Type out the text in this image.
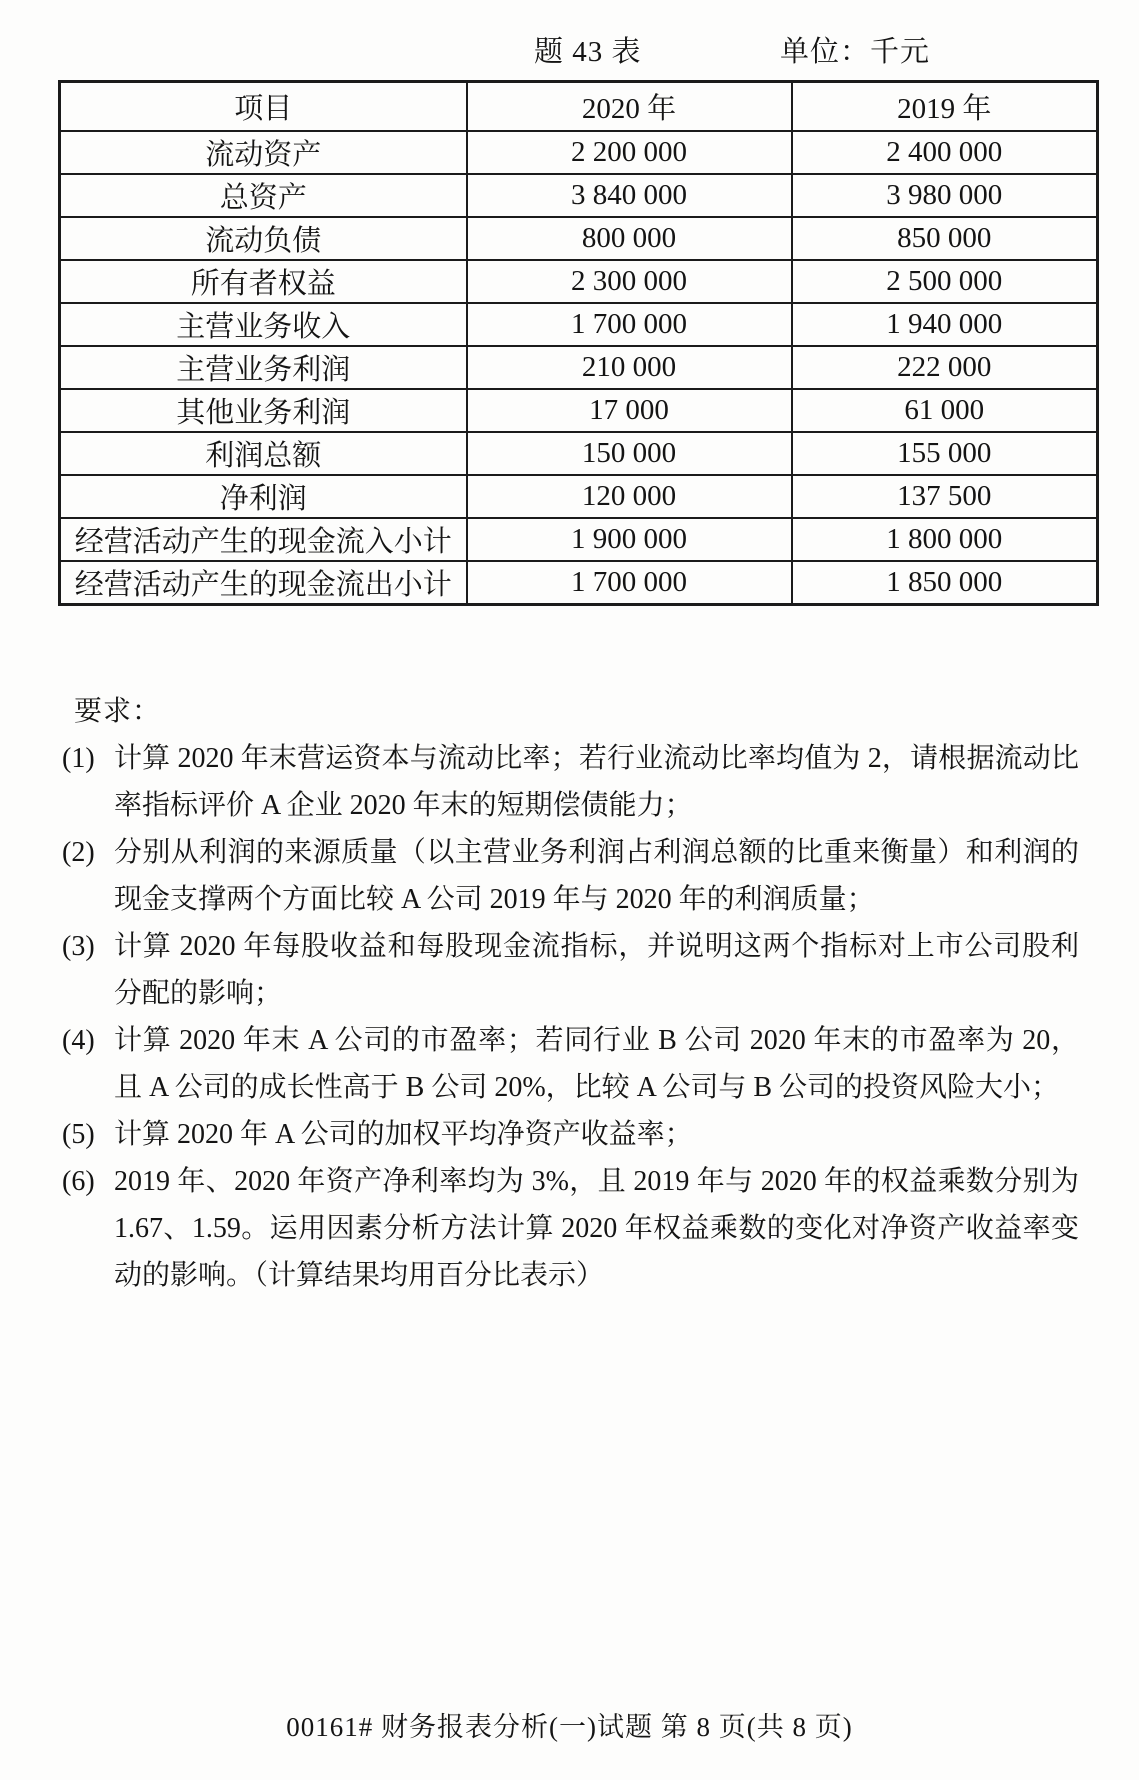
题 43 表	单位：千元
项目	2020 年	2019 年
流动资产	2 200 000	2 400 000
总资产	3 840 000	3 980 000
流动负债	800 000	850 000
所有者权益	2 300 000	2 500 000
主营业务收入	1 700 000	1 940 000
主营业务利润	210 000	222 000
其他业务利润	17 000	61 000
利润总额	150 000	155 000
净利润	120 000	137 500
经营活动产生的现金流入小计	1 900 000	1 800 000
经营活动产生的现金流出小计	1 700 000	1 850 000
要求：
(1) 计算 2020 年末营运资本与流动比率；若行业流动比率均值为 2，请根据流动比率指标评价 A 企业 2020 年末的短期偿债能力；
(2) 分别从利润的来源质量（以主营业务利润占利润总额的比重来衡量）和利润的现金支撑两个方面比较 A 公司 2019 年与 2020 年的利润质量；
(3) 计算 2020 年每股收益和每股现金流指标，并说明这两个指标对上市公司股利分配的影响；
(4) 计算 2020 年末 A 公司的市盈率；若同行业 B 公司 2020 年末的市盈率为 20，且 A 公司的成长性高于 B 公司 20%，比较 A 公司与 B 公司的投资风险大小；
(5) 计算 2020 年 A 公司的加权平均净资产收益率；
(6) 2019 年、2020 年资产净利率均为 3%，且 2019 年与 2020 年的权益乘数分别为 1.67、1.59。运用因素分析方法计算 2020 年权益乘数的变化对净资产收益率变动的影响。（计算结果均用百分比表示）
00161# 财务报表分析(一)试题 第 8 页(共 8 页)
